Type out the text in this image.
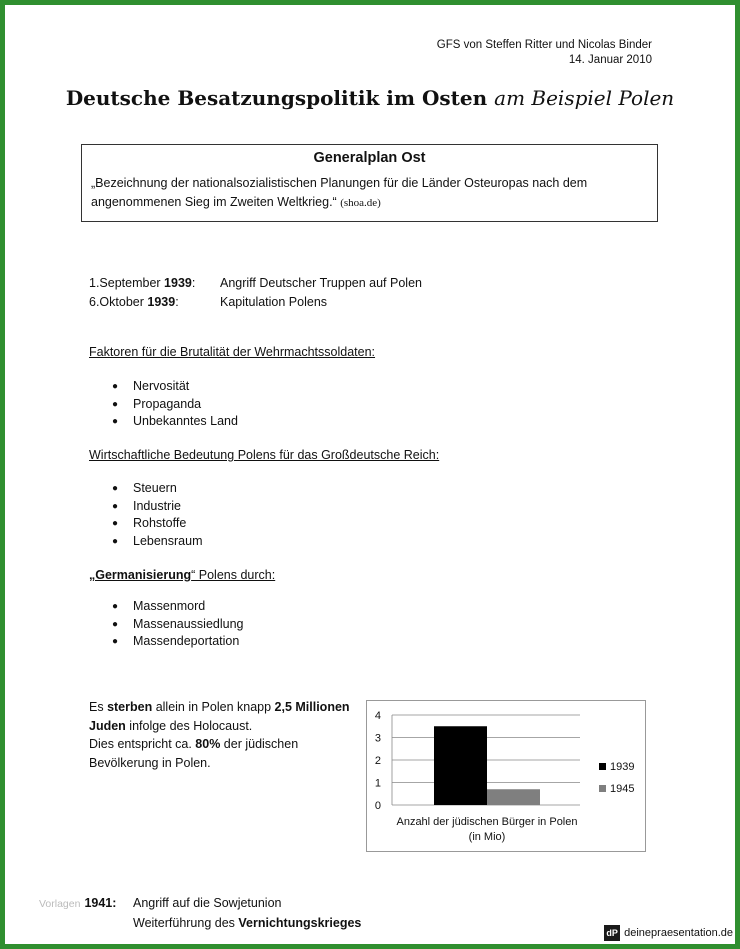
GFS von Steffen Ritter und Nicolas Binder
14. Januar 2010
Deutsche Besatzungspolitik im Osten am Beispiel Polen
Generalplan Ost
„Bezeichnung der nationalsozialistischen Planungen für die Länder Osteuropas nach dem angenommenen Sieg im Zweiten Weltkrieg.“ (shoa.de)
1.September 1939:	Angriff Deutscher Truppen auf Polen
6.Oktober 1939:	Kapitulation Polens
Faktoren für die Brutalität der Wehrmachtssoldaten:
●	Nervosität
●	Propaganda
●	Unbekanntes Land
Wirtschaftliche Bedeutung Polens für das Großdeutsche Reich:
●	Steuern
●	Industrie
●	Rohstoffe
●	Lebensraum
„Germanisierung“ Polens durch:
●	Massenmord
●	Massenaussiedlung
●	Massendeportation
Es sterben allein in Polen knapp 2,5 Millionen Juden infolge des Holocaust.
Dies entspricht ca. 80% der jüdischen Bevölkerung in Polen.
0
1
2
3
4
1939
1945
Anzahl der jüdischen Bürger in Polen
(in Mio)
Vorlagen 1941:	Angriff auf die Sowjetunion
Weiterführung des Vernichtungskrieges
dP deinepraesentation.de
